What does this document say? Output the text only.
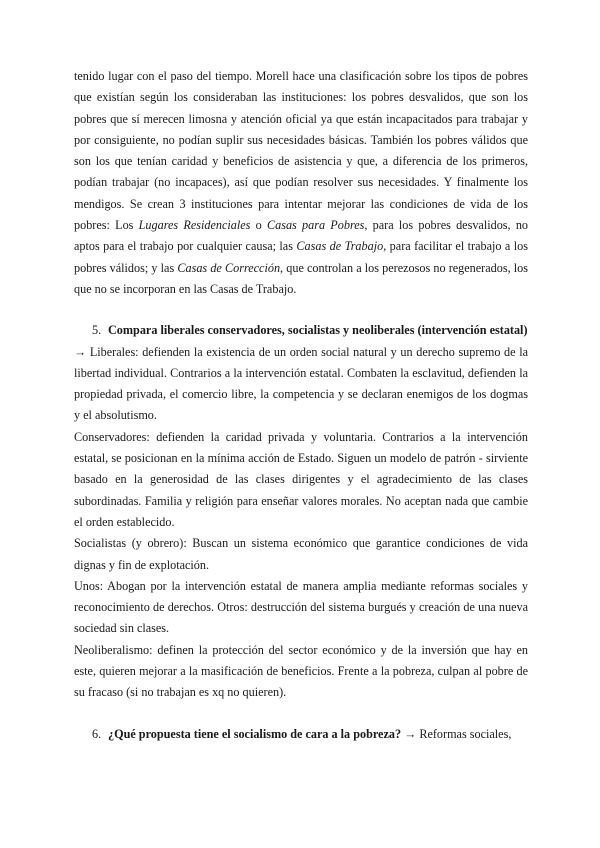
tenido lugar con el paso del tiempo. Morell hace una clasificación sobre los tipos de pobres que existían según los consideraban las instituciones: los pobres desvalidos, que son los pobres que sí merecen limosna y atención oficial ya que están incapacitados para trabajar y por consiguiente, no podían suplir sus necesidades básicas. También los pobres válidos que son los que tenían caridad y beneficios de asistencia y que, a diferencia de los primeros, podían trabajar (no incapaces), así que podían resolver sus necesidades. Y finalmente los mendigos. Se crean 3 instituciones para intentar mejorar las condiciones de vida de los pobres: Los Lugares Residenciales o Casas para Pobres, para los pobres desvalidos, no aptos para el trabajo por cualquier causa; las Casas de Trabajo, para facilitar el trabajo a los pobres válidos; y las Casas de Corrección, que controlan a los perezosos no regenerados, los que no se incorporan en las Casas de Trabajo.

5. Compara liberales conservadores, socialistas y neoliberales (intervención estatal)

→ Liberales: defienden la existencia de un orden social natural y un derecho supremo de la libertad individual. Contrarios a la intervención estatal. Combaten la esclavitud, defienden la propiedad privada, el comercio libre, la competencia y se declaran enemigos de los dogmas y el absolutismo.

Conservadores: defienden la caridad privada y voluntaria. Contrarios a la intervención estatal, se posicionan en la mínima acción de Estado. Siguen un modelo de patrón - sirviente basado en la generosidad de las clases dirigentes y el agradecimiento de las clases subordinadas. Familia y religión para enseñar valores morales. No aceptan nada que cambie el orden establecido.

Socialistas (y obrero): Buscan un sistema económico que garantice condiciones de vida dignas y fin de explotación.

Unos: Abogan por la intervención estatal de manera amplia mediante reformas sociales y reconocimiento de derechos. Otros: destrucción del sistema burgués y creación de una nueva sociedad sin clases.

Neoliberalismo: definen la protección del sector económico y de la inversión que hay en este, quieren mejorar a la masificación de beneficios. Frente a la pobreza, culpan al pobre de su fracaso (si no trabajan es xq no quieren).

6. ¿Qué propuesta tiene el socialismo de cara a la pobreza? → Reformas sociales,
